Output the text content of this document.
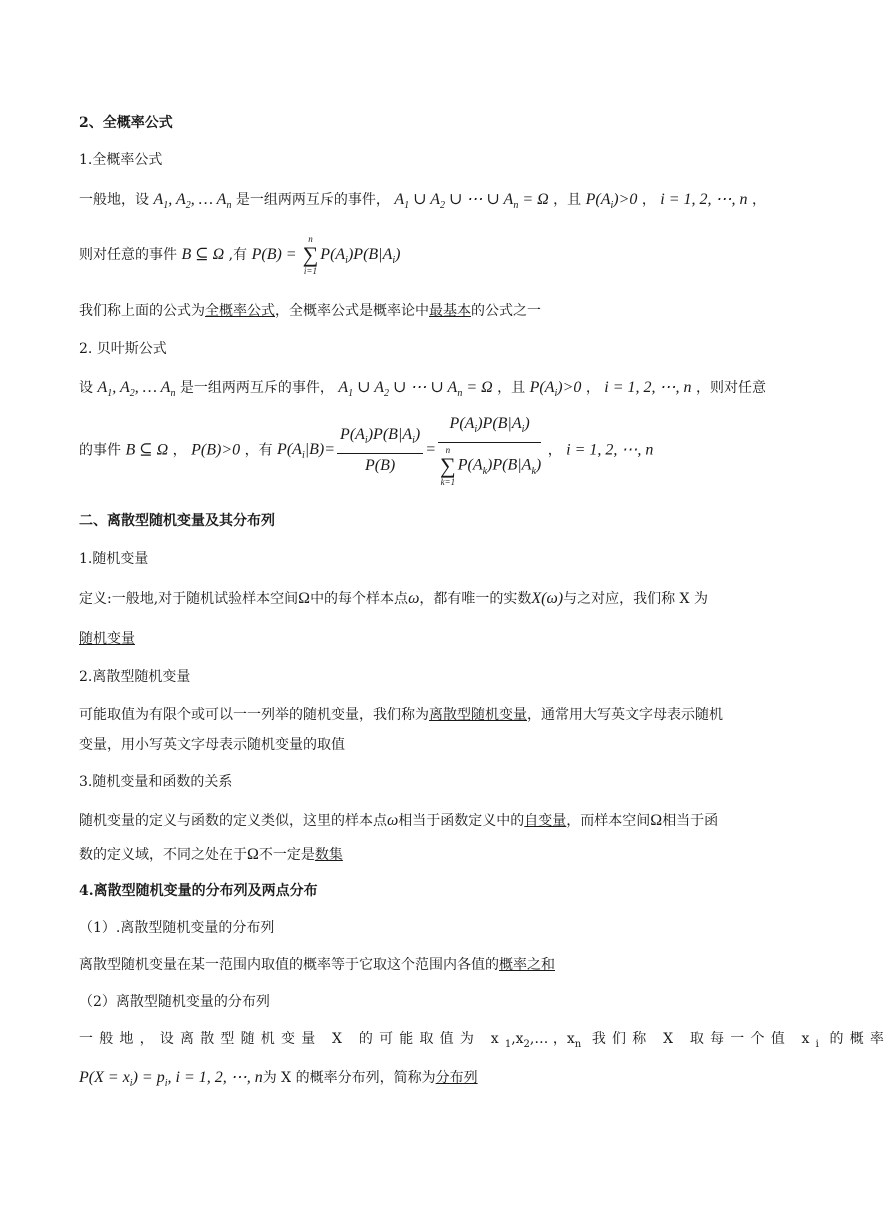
2、全概率公式
1.全概率公式
一般地，设 $A_1$, $A_2$, … $A_n$ 是一组两两互斥的事件， $A_1$ ∪ $A_2$ ∪ ⋯ ∪ $A_n = \Omega$ ，且 $P(A_i)>0$ ， i = 1, 2, ⋯, n ，
则对任意的事件 B ⊆ Ω ,有 P(B) =
n
∑
i=1
$P(A_i)P(B|A_i)$
我们称上面的公式为全概率公式，全概率公式是概率论中最基本的公式之一
2. 贝叶斯公式
设 $A_1$, $A_2$, … $A_n$ 是一组两两互斥的事件， $A_1$ ∪ $A_2$ ∪ ⋯ ∪ $A_n = \Omega$ ，且 $P(A_i)>0$ ， i = 1, 2, ⋯, n ，则对任意
的事件 B ⊆ Ω ， P(B)>0 ，有 $P(A_i|B)= \frac{P(A_i)P(B|A_i)}{P(B)} = P(A_i)P(B|A_i)$
n
∑
k=1
$P(A_k)P(B|A_k)$ ， i = 1, 2, ⋯, n
二、离散型随机变量及其分布列
1.随机变量
定义:一般地,对于随机试验样本空间Ω中的每个样本点ω，都有唯一的实数X(ω)与之对应，我们称 X 为
随机变量
2.离散型随机变量
可能取值为有限个或可以一一列举的随机变量，我们称为离散型随机变量，通常用大写英文字母表示随机
变量，用小写英文字母表示随机变量的取值
3.随机变量和函数的关系
随机变量的定义与函数的定义类似，这里的样本点ω相当于函数定义中的自变量，而样本空间Ω相当于函
数的定义域，不同之处在于Ω不一定是数集
4.离散型随机变量的分布列及两点分布
（1）.离散型随机变量的分布列
离散型随机变量在某一范围内取值的概率等于它取这个范围内各值的概率之和
（2）离散型随机变量的分布列
一般地，设离散型随机变量 X 的可能取值为 $x_1,x_2,\dots$ ，$x_n$ 我们称 X 取每一个值 $x_i$ 的概率
$P(X = x_i) = p_i$, i = 1, 2, ⋯, n为 X 的概率分布列，简称为分布列
